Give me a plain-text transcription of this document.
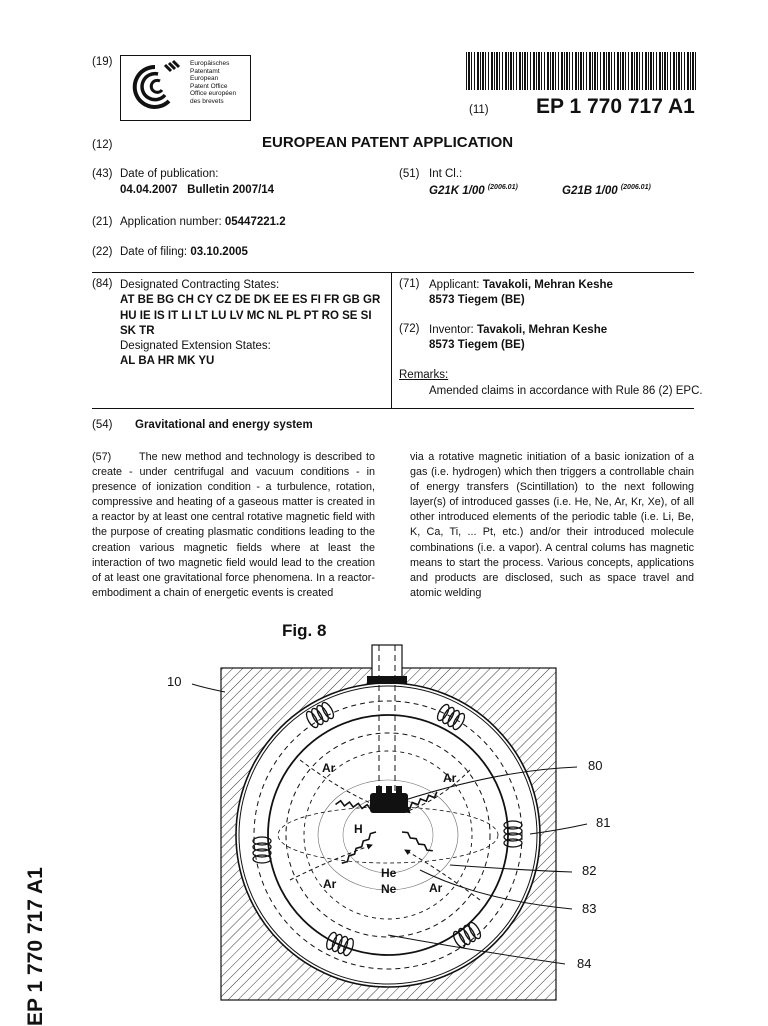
(19)	Europäisches
Patentamt
European
Patent Office
Office européen
des brevets
(11) EP 1 770 717 A1
(12)	EUROPEAN PATENT APPLICATION
(43) Date of publication:
04.04.2007   Bulletin 2007/14
(51) Int Cl.:
G21K 1/00 $^{(2006.01)}$	G21B 1/00 $^{(2006.01)}$
(21) Application number: 05447221.2
(22) Date of filing: 03.10.2005
(84) Designated Contracting States:
AT BE BG CH CY CZ DE DK EE ES FI FR GB GR
HU IE IS IT LI LT LU LV MC NL PL PT RO SE SI
SK TR
Designated Extension States:
AL BA HR MK YU
(71) Applicant: Tavakoli, Mehran Keshe
8573 Tiegem (BE)
(72) Inventor: Tavakoli, Mehran Keshe
8573 Tiegem (BE)
Remarks:
Amended claims in accordance with Rule 86 (2) EPC.
(54) Gravitational and energy system

(57)	The new method and technology is described to create - under centrifugal and vacuum conditions - in presence of ionization condition - a turbulence, rotation, compressive and heating of a gaseous matter is created in a reactor by at least one central rotative magnetic field with the purpose of creating plasmatic conditions leading to the creation various magnetic fields where at least the interaction of two magnetic field would lead to the creation of at least one gravitational force phenomena. In a reactor-embodiment a chain of energetic events is created

via a rotative magnetic initiation of a basic ionization of a gas (i.e. hydrogen) which then triggers a controllable chain of energy transfers (Scintillation) to the next following layer(s) of introduced gasses (i.e. He, Ne, Ar, Kr, Xe), of all other introduced elements of the periodic table (i.e. Li, Be, K, Ca, Ti, ... Pt, etc.) and/or their introduced molecule combinations (i.e. a vapor). A central colums has magnetic means to start the process. Various concepts, applications and products are disclosed, such as space travel and atomic welding

Fig. 8
Ar
Ar
Ar	Ar
H
He
Ne
10
80
81
82
83
84
EP 1 770 717 A1
